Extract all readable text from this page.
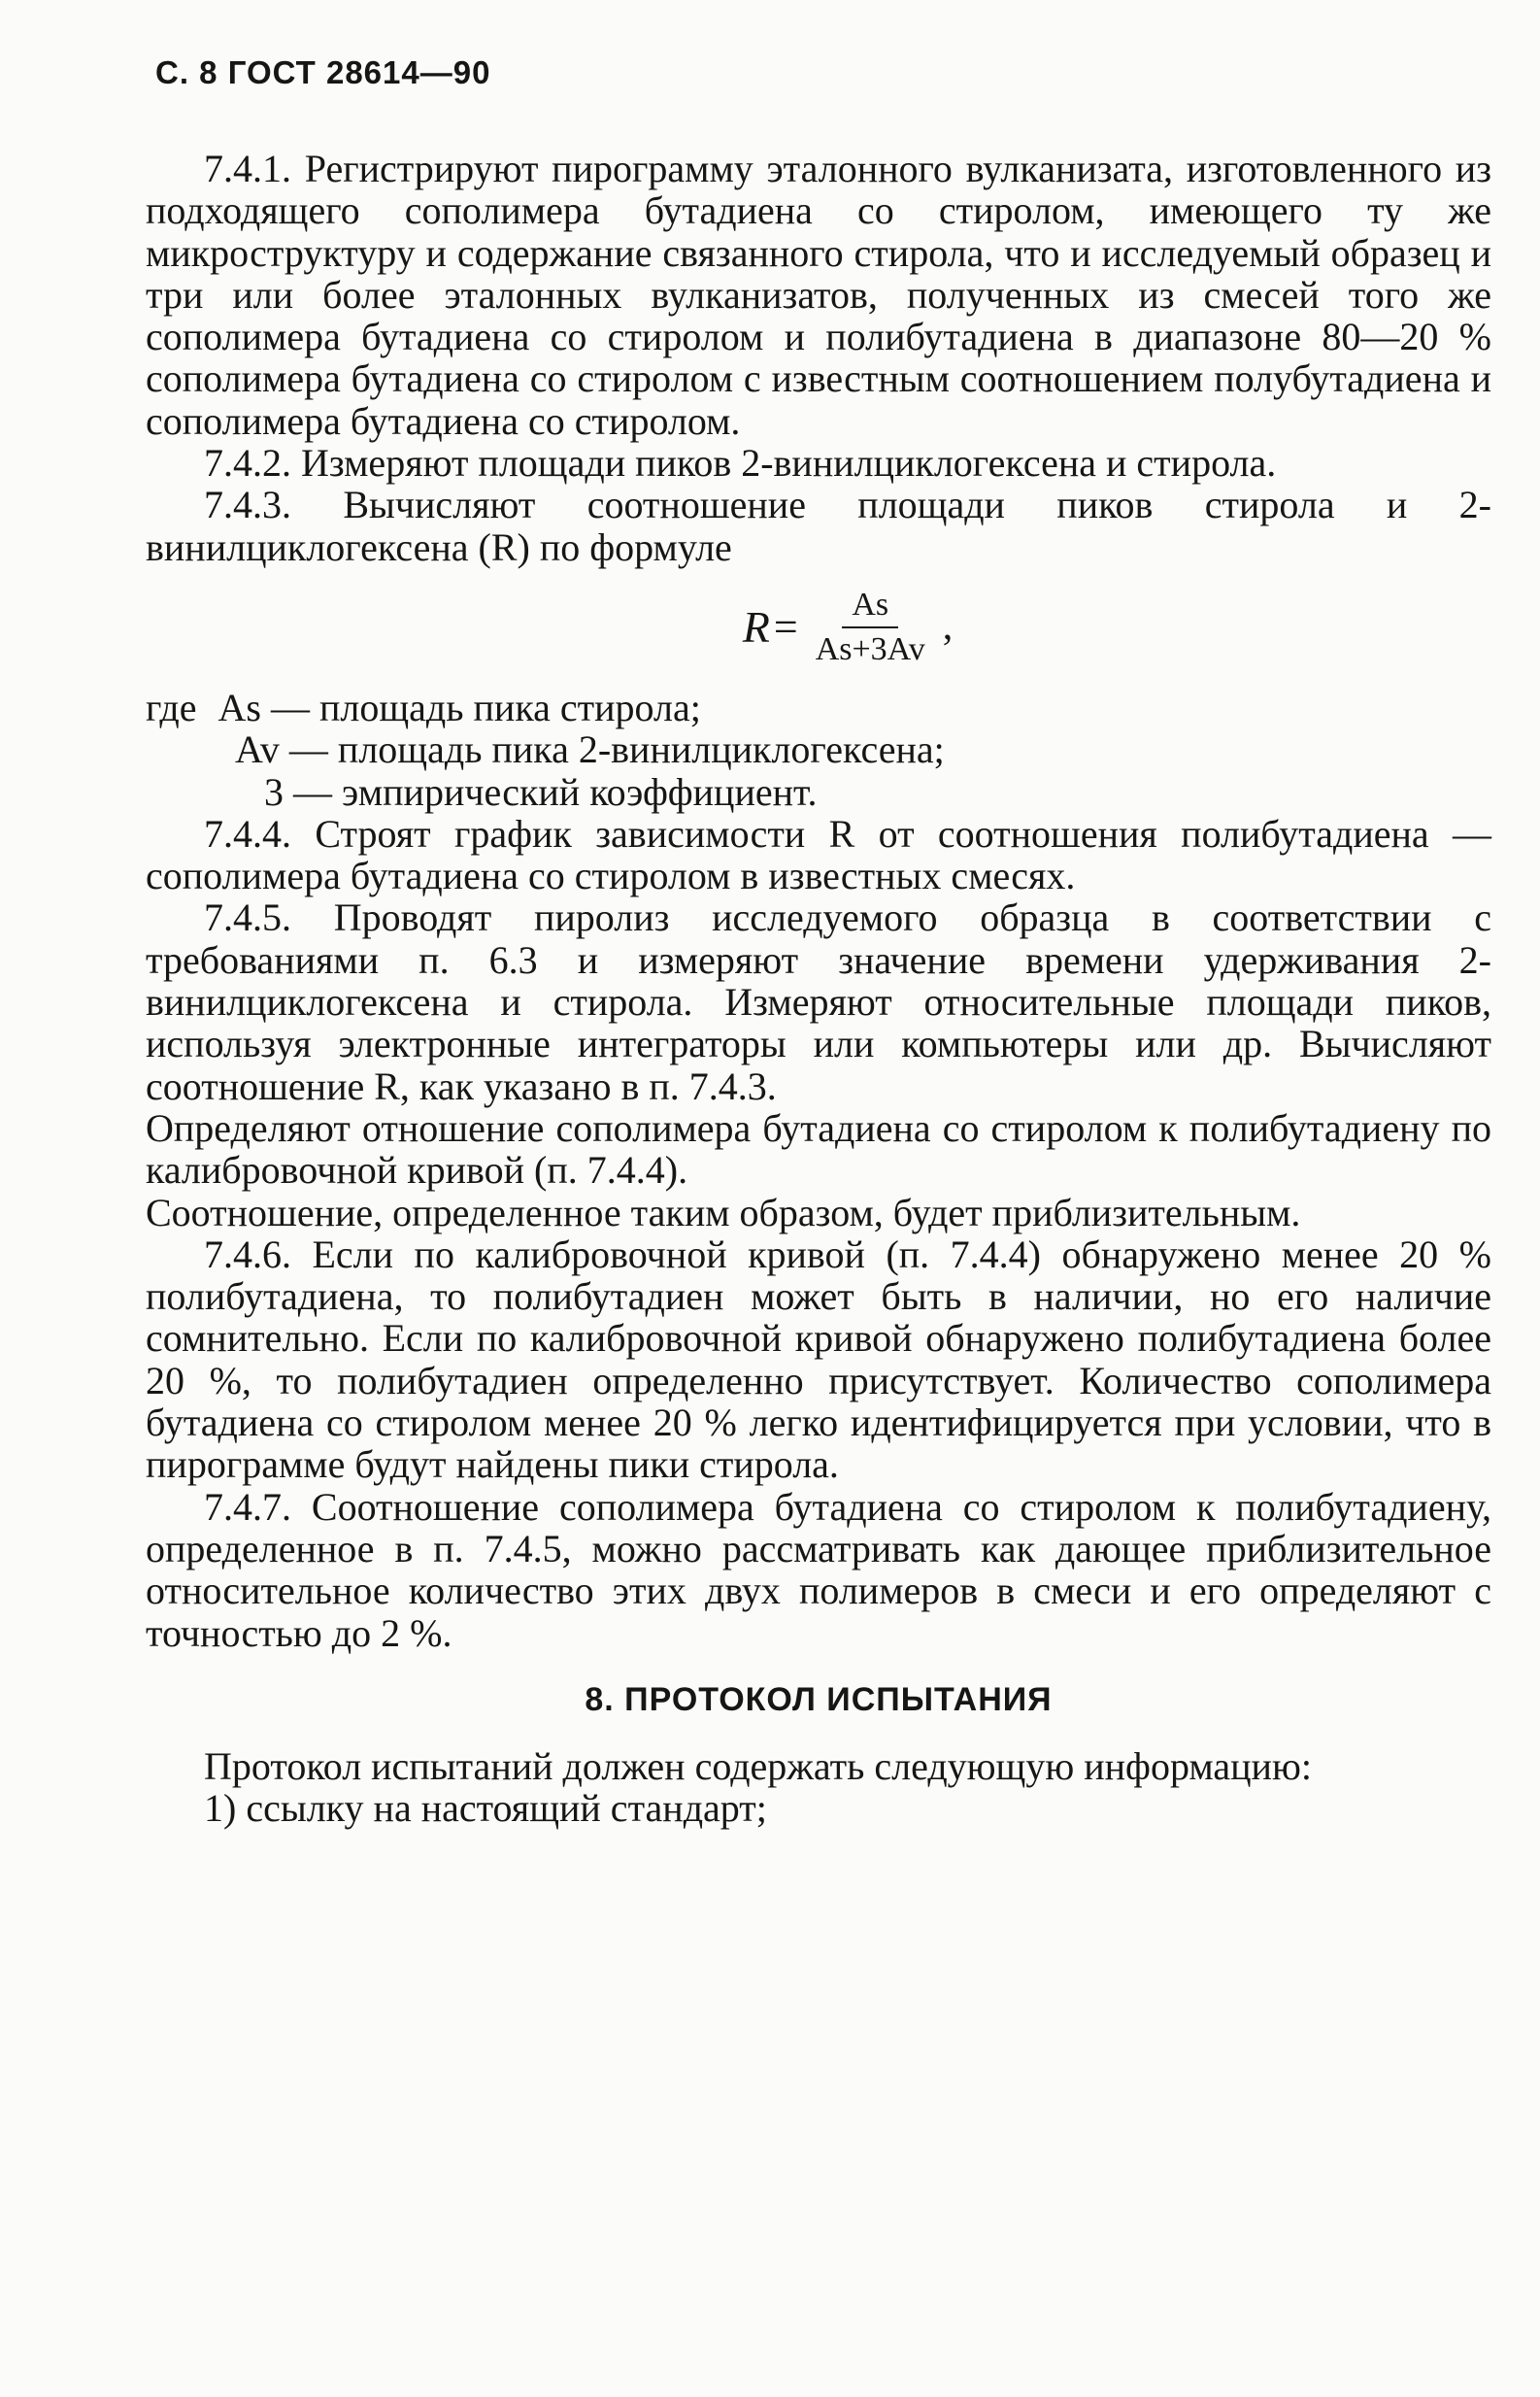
С. 8 ГОСТ 28614—90

7.4.1. Регистрируют пирограмму эталонного вулканизата, изготовленного из подходящего сополимера бутадиена со стиролом, имеющего ту же микроструктуру и содержание связанного стирола, что и исследуемый образец и три или более эталонных вулканизатов, полученных из смесей того же сополимера бутадиена со стиролом и полибутадиена в диапазоне 80—20 % сополимера бутадиена со стиролом с известным соотношением полубутадиена и сополимера бутадиена со стиролом.

7.4.2. Измеряют площади пиков 2-винилциклогексена и стирола.

7.4.3. Вычисляют соотношение площади пиков стирола и 2-винилциклогексена (R) по формуле

$R = \frac{As}{As+3Av}$ ,
где As — площадь пика стирола;
Av — площадь пика 2-винилциклогексена;
3 — эмпирический коэффициент.

7.4.4. Строят график зависимости R от соотношения полибутадиена — сополимера бутадиена со стиролом в известных смесях.

7.4.5. Проводят пиролиз исследуемого образца в соответствии с требованиями п. 6.3 и измеряют значение времени удерживания 2-винилциклогексена и стирола. Измеряют относительные площади пиков, используя электронные интеграторы или компьютеры или др. Вычисляют соотношение R, как указано в п. 7.4.3.

Определяют отношение сополимера бутадиена со стиролом к полибутадиену по калибровочной кривой (п. 7.4.4).

Соотношение, определенное таким образом, будет приблизительным.

7.4.6. Если по калибровочной кривой (п. 7.4.4) обнаружено менее 20 % полибутадиена, то полибутадиен может быть в наличии, но его наличие сомнительно. Если по калибровочной кривой обнаружено полибутадиена более 20 %, то полибутадиен определенно присутствует. Количество сополимера бутадиена со стиролом менее 20 % легко идентифицируется при условии, что в пирограмме будут найдены пики стирола.

7.4.7. Соотношение сополимера бутадиена со стиролом к полибутадиену, определенное в п. 7.4.5, можно рассматривать как дающее приблизительное относительное количество этих двух полимеров в смеси и его определяют с точностью до 2 %.

8. ПРОТОКОЛ ИСПЫТАНИЯ

Протокол испытаний должен содержать следующую информацию:

1) ссылку на настоящий стандарт;
